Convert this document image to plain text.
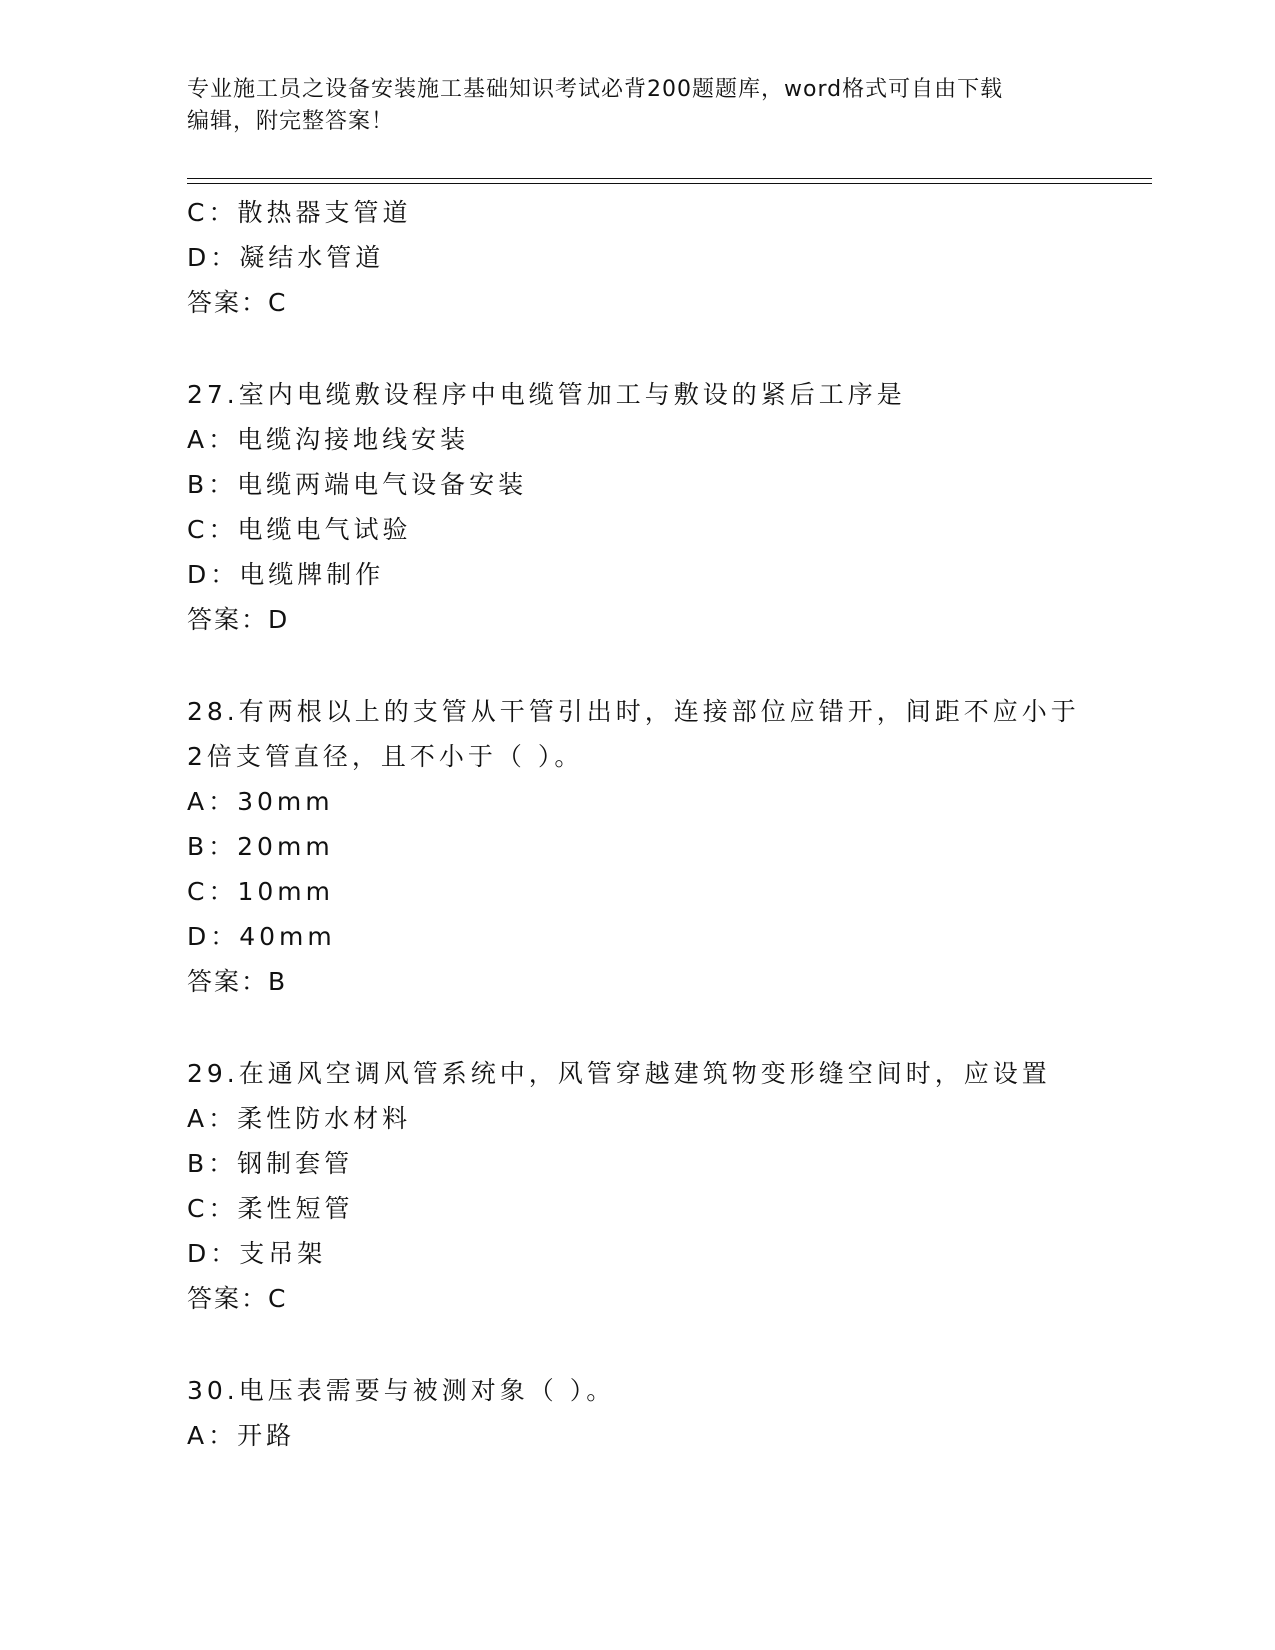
专业施工员之设备安装施工基础知识考试必背200题题库，word格式可自由下载
编辑，附完整答案！
C：散热器支管道
D：凝结水管道
答案：C
27.室内电缆敷设程序中电缆管加工与敷设的紧后工序是
A：电缆沟接地线安装
B：电缆两端电气设备安装
C：电缆电气试验
D：电缆牌制作
答案：D
28.有两根以上的支管从干管引出时，连接部位应错开，间距不应小于
2倍支管直径，且不小于（ ）。
A：30mm
B：20mm
C：10mm
D：40mm
答案：B
29.在通风空调风管系统中，风管穿越建筑物变形缝空间时，应设置
A：柔性防水材料
B：钢制套管
C：柔性短管
D：支吊架
答案：C
30.电压表需要与被测对象（ ）。
A：开路
